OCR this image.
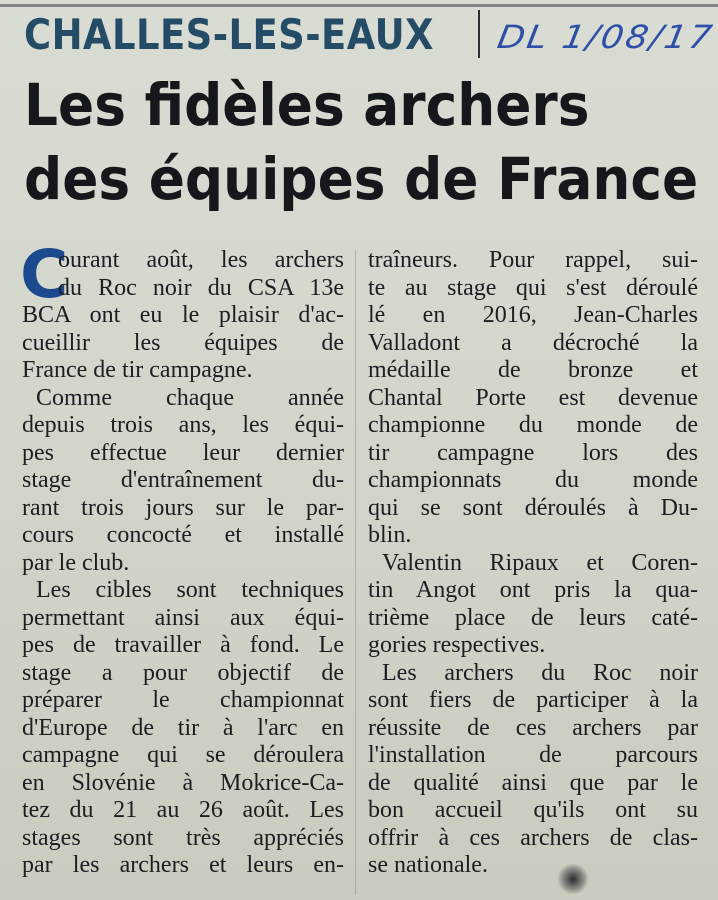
CHALLES-LES-EAUX DL 1/08/17
Les fidèles archers
des équipes de France
C
ourant août, les archers
du Roc noir du CSA 13e
BCA ont eu le plaisir d'ac-
cueillir les équipes de
France de tir campagne.
Comme chaque année
depuis trois ans, les équi-
pes effectue leur dernier
stage d'entraînement du-
rant trois jours sur le par-
cours concocté et installé
par le club.
Les cibles sont techniques
permettant ainsi aux équi-
pes de travailler à fond. Le
stage a pour objectif de
préparer le championnat
d'Europe de tir à l'arc en
campagne qui se déroulera
en Slovénie à Mokrice-Ca-
tez du 21 au 26 août. Les
stages sont très appréciés
par les archers et leurs en-
traîneurs. Pour rappel, sui-
te au stage qui s'est déroulé
lé en 2016, Jean-Charles
Valladont a décroché la
médaille de bronze et
Chantal Porte est devenue
championne du monde de
tir campagne lors des
championnats du monde
qui se sont déroulés à Du-
blin.
Valentin Ripaux et Coren-
tin Angot ont pris la qua-
trième place de leurs caté-
gories respectives.
Les archers du Roc noir
sont fiers de participer à la
réussite de ces archers par
l'installation de parcours
de qualité ainsi que par le
bon accueil qu'ils ont su
offrir à ces archers de clas-
se nationale.
